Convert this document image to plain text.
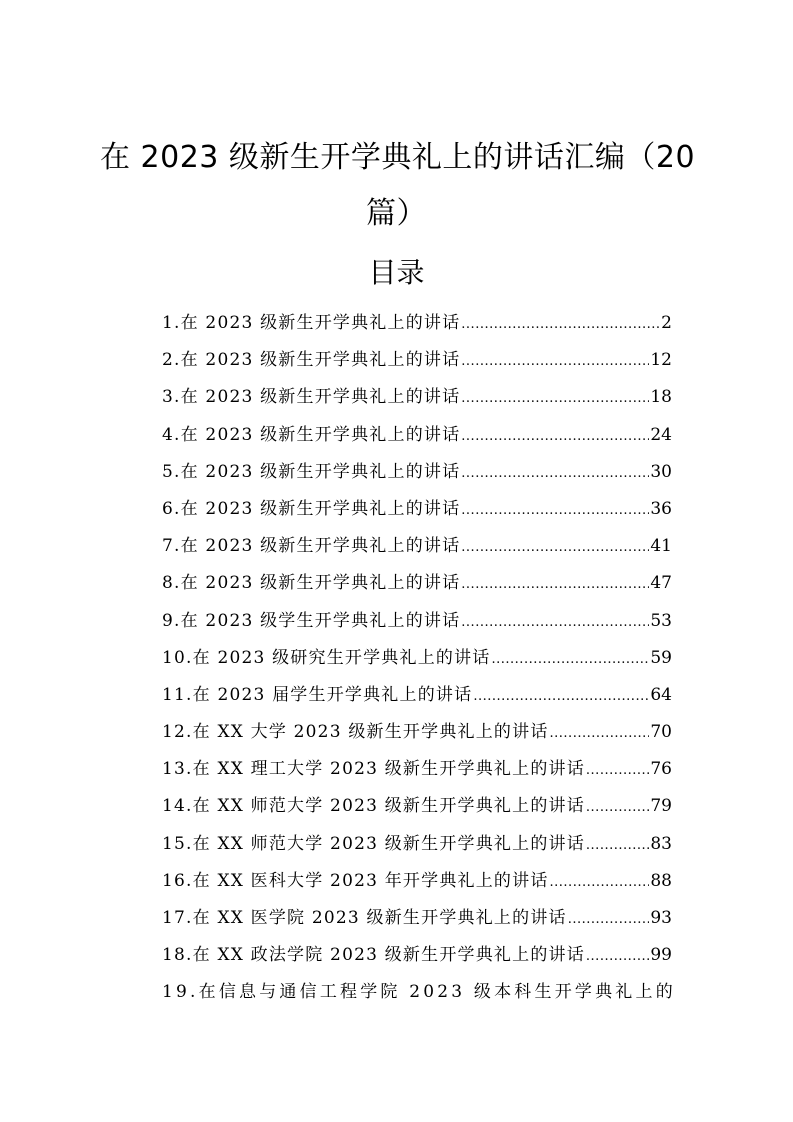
在 2023 级新生开学典礼上的讲话汇编（20
篇）
目录
1.在 2023 级新生开学典礼上的讲话 .....	2
2.在 2023 级新生开学典礼上的讲话 .....	12
3.在 2023 级新生开学典礼上的讲话 .....	18
4.在 2023 级新生开学典礼上的讲话 .....	24
5.在 2023 级新生开学典礼上的讲话 .....	30
6.在 2023 级新生开学典礼上的讲话 .....	36
7.在 2023 级新生开学典礼上的讲话 .....	41
8.在 2023 级新生开学典礼上的讲话 .....	47
9.在 2023 级学生开学典礼上的讲话 .....	53
10.在 2023 级研究生开学典礼上的讲话 .....	59
11.在 2023 届学生开学典礼上的讲话 .....	64
12.在 XX 大学 2023 级新生开学典礼上的讲话 .....	70
13.在 XX 理工大学 2023 级新生开学典礼上的讲话 .....	76
14.在 XX 师范大学 2023 级新生开学典礼上的讲话 .....	79
15.在 XX 师范大学 2023 级新生开学典礼上的讲话 .....	83
16.在 XX 医科大学 2023 年开学典礼上的讲话 .....	88
17.在 XX 医学院 2023 级新生开学典礼上的讲话 .....	93
18.在 XX 政法学院 2023 级新生开学典礼上的讲话 .....	99
19.在信息与通信工程学院 2023 级本科生开学典礼上的
